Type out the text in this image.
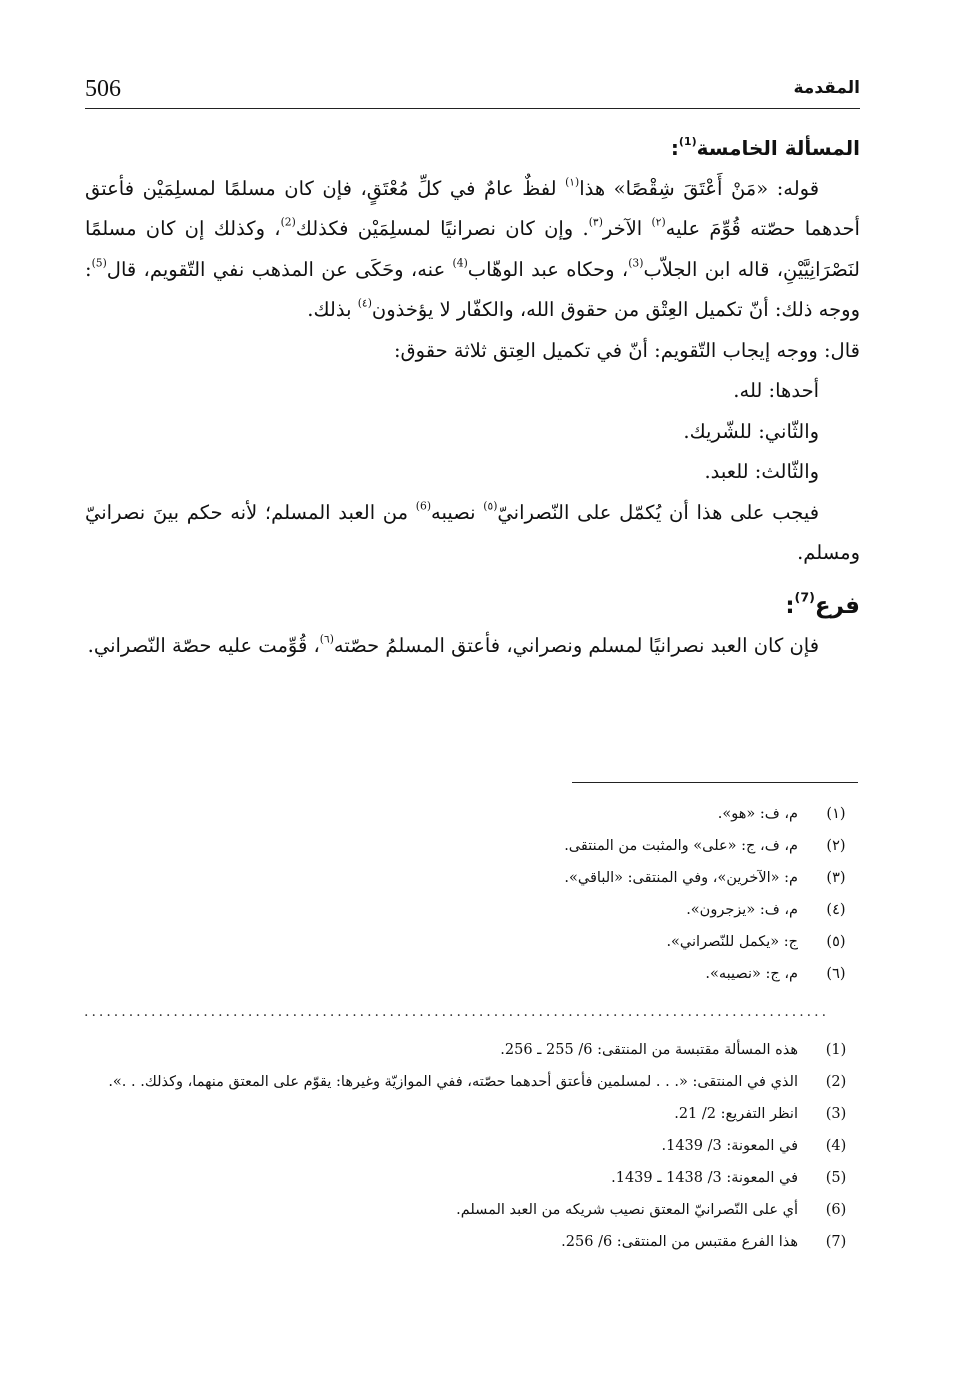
506	المقدمة

المسألة الخامسة$^{(1)}$:

قوله: «مَنْ أَعْتَقَ شِقْصًا» هذا$^{(١)}$ لفظٌ عامٌ في كلِّ مُعْتَقٍ، فإن كان مسلمًا لمسلِمَيْن فأعتق أحدهما حصّته قُوِّمَ عليه$^{(٢)}$ الآخر$^{(٣)}$. وإن كان نصرانيًا لمسلِمَيْن فكذلك$^{(2)}$، وكذلك إن كان مسلمًا لنَصْرَانِيَّيْنِ، قاله ابن الجلاّب$^{(3)}$، وحكاه عبد الوهّاب$^{(4)}$ عنه، وحَكَى عن المذهب نفي التّقويم، قال$^{(5)}$: ووجه ذلك: أنّ تكميل العِتْق من حقوق الله، والكفّار لا يؤخذون$^{(٤)}$ بذلك.

قال: ووجه إيجاب التّقويم: أنّ في تكميل العِتق ثلاثة حقوق:

أحدها: لله.

والثّاني: للشّريك.

والثّالث: للعبد.

فيجب على هذا أن يُكمّل على النّصرانيّ$^{(٥)}$ نصيبه$^{(6)}$ من العبد المسلم؛ لأنه حكم بينَ نصرانيّ ومسلم.

فرع$^{(7)}$:

فإن كان العبد نصرانيًا لمسلم ونصراني، فأعتق المسلمُ حصّته$^{(٦)}$، قُوِّمت عليه حصّة النّصراني.

(١)
م، ف: «هو».
(٢)
م، ف، ج: «على» والمثبت من المنتقى.
(٣)
م: «الآخرين»، وفي المنتقى: «الباقي».
(٤)
م، ف: «يزجرون».
(٥)
ج: «يكمل للنّصراني».
(٦)
م، ج: «نصيبه».
....................................................................................................
(1)
هذه المسألة مقتبسة من المنتقى: 6/ 255 ـ 256.
(2)
الذي في المنتقى: «. . . لمسلمين فأعتق أحدهما حصّته، ففي الموازيّة وغيرها: يقوّم على المعتق منهما، وكذلك. . .».
(3)
انظر التفريع: 2/ 21.
(4)
في المعونة: 3/ 1439.
(5)
في المعونة: 3/ 1438 ـ 1439.
(6)
أي على النّصرانيّ المعتق نصيب شريكه من العبد المسلم.
(7)
هذا الفرع مقتبس من المنتقى: 6/ 256.
